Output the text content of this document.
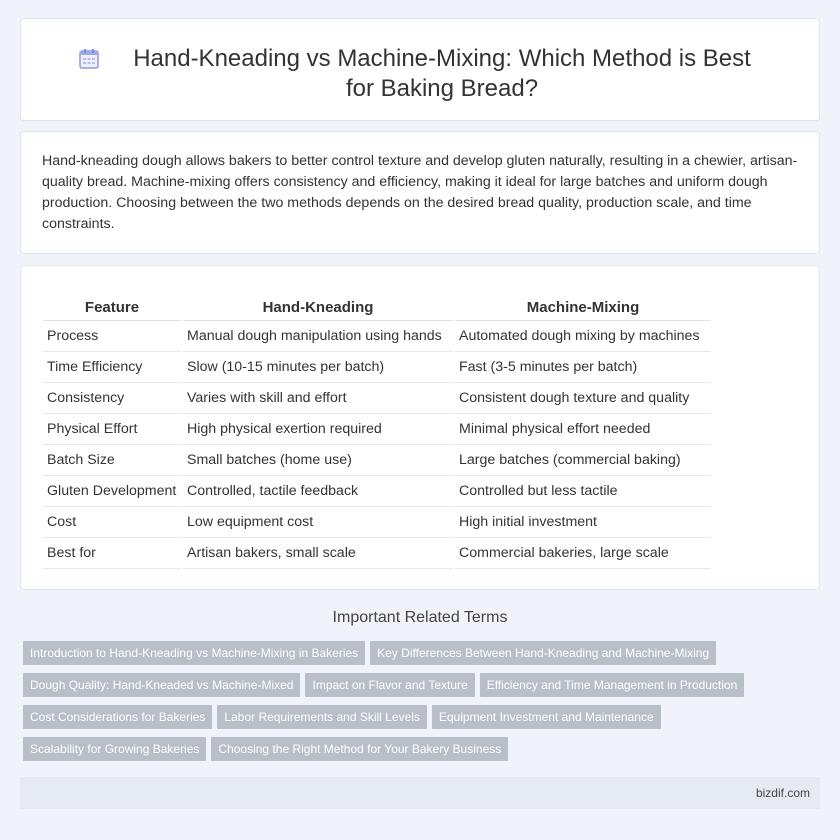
Hand-Kneading vs Machine-Mixing: Which Method is Best for Baking Bread?
Hand-kneading dough allows bakers to better control texture and develop gluten naturally, resulting in a chewier, artisan-quality bread. Machine-mixing offers consistency and efficiency, making it ideal for large batches and uniform dough production. Choosing between the two methods depends on the desired bread quality, production scale, and time constraints.
Feature	Hand-Kneading	Machine-Mixing
Process	Manual dough manipulation using hands	Automated dough mixing by machines
Time Efficiency	Slow (10-15 minutes per batch)	Fast (3-5 minutes per batch)
Consistency	Varies with skill and effort	Consistent dough texture and quality
Physical Effort	High physical exertion required	Minimal physical effort needed
Batch Size	Small batches (home use)	Large batches (commercial baking)
Gluten Development	Controlled, tactile feedback	Controlled but less tactile
Cost	Low equipment cost	High initial investment
Best for	Artisan bakers, small scale	Commercial bakeries, large scale
Important Related Terms
Introduction to Hand-Kneading vs Machine-Mixing in Bakeries Key Differences Between Hand-Kneading and Machine-Mixing
Dough Quality: Hand-Kneaded vs Machine-Mixed Impact on Flavor and Texture Efficiency and Time Management in Production
Cost Considerations for Bakeries Labor Requirements and Skill Levels Equipment Investment and Maintenance
Scalability for Growing Bakeries Choosing the Right Method for Your Bakery Business
bizdif.com
